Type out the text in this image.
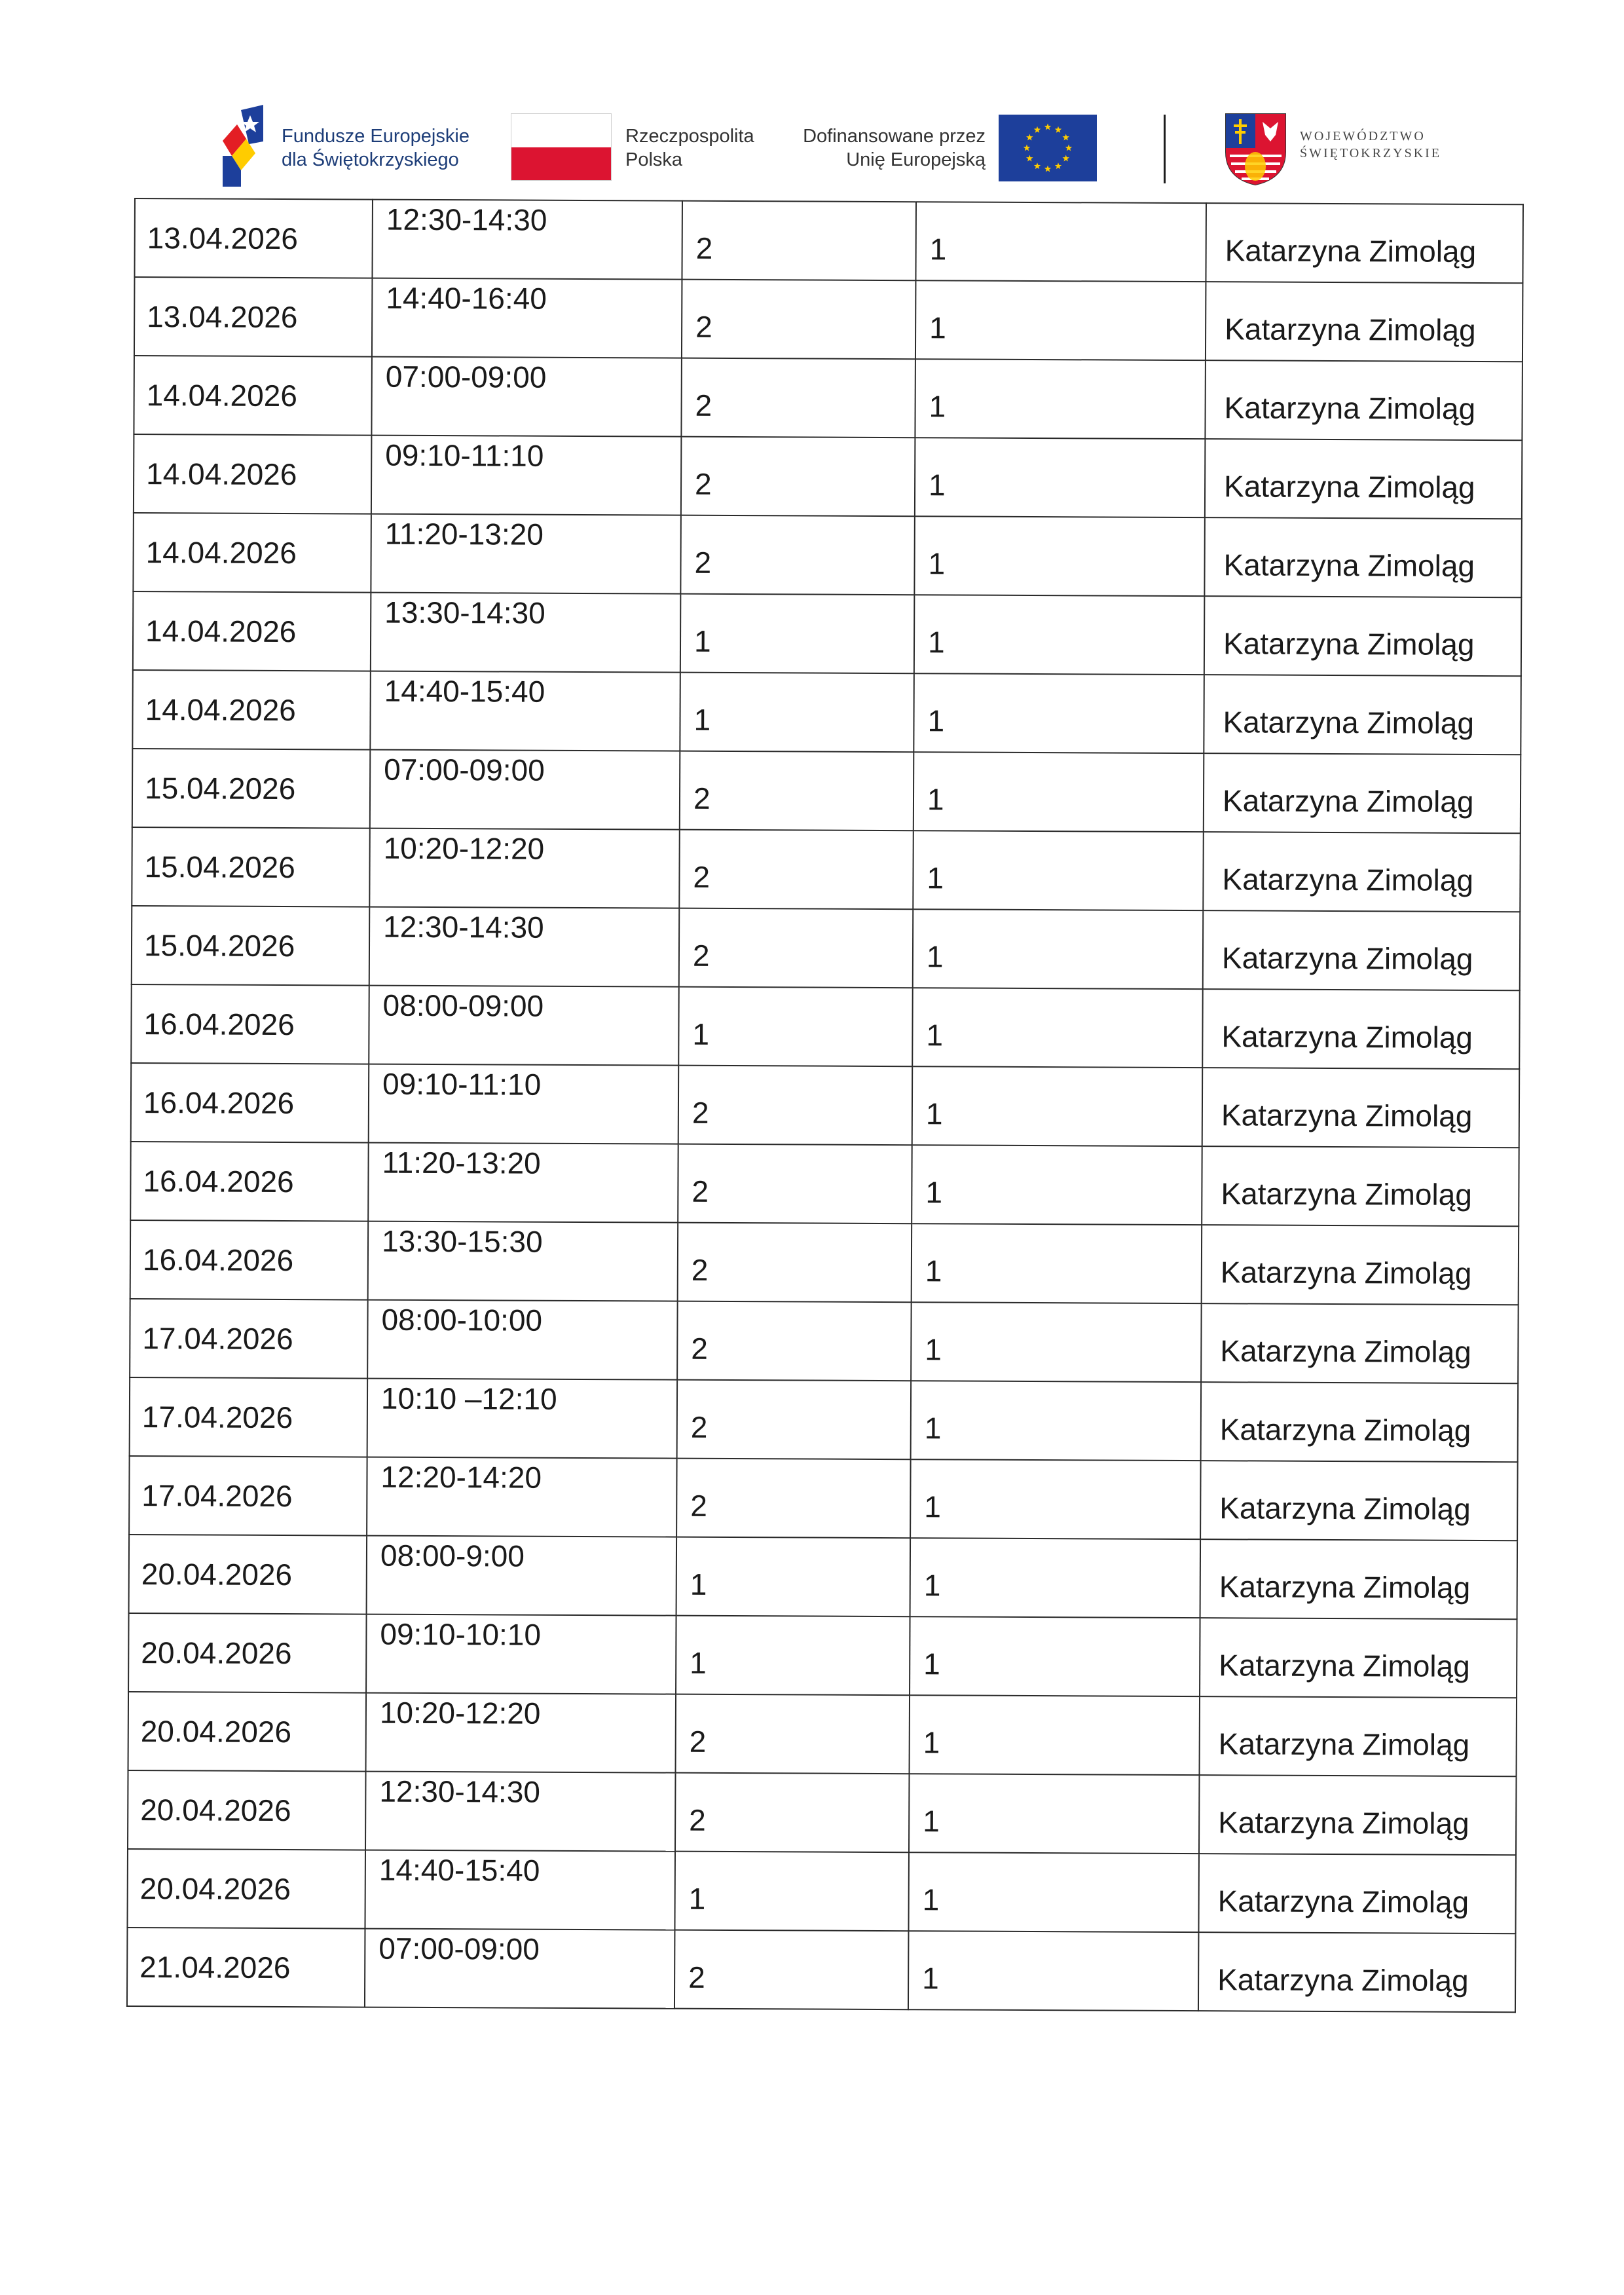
Fundusze Europejskie
dla Świętokrzyskiego
Rzeczpospolita
Polska
Dofinansowane przez
Unię Europejską
WOJEWÓDZTWO
ŚWIĘTOKRZYSKIE
13.04.2026	12:30-14:30	2	1	Katarzyna Zimoląg

13.04.2026	14:40-16:40	2	1	Katarzyna Zimoląg

14.04.2026	07:00-09:00	2	1	Katarzyna Zimoląg

14.04.2026	09:10-11:10	2	1	Katarzyna Zimoląg

14.04.2026	11:20-13:20	2	1	Katarzyna Zimoląg

14.04.2026	13:30-14:30	1	1	Katarzyna Zimoląg

14.04.2026	14:40-15:40	1	1	Katarzyna Zimoląg

15.04.2026	07:00-09:00	2	1	Katarzyna Zimoląg

15.04.2026	10:20-12:20	2	1	Katarzyna Zimoląg

15.04.2026	12:30-14:30	2	1	Katarzyna Zimoląg

16.04.2026	08:00-09:00	1	1	Katarzyna Zimoląg

16.04.2026	09:10-11:10	2	1	Katarzyna Zimoląg

16.04.2026	11:20-13:20	2	1	Katarzyna Zimoląg

16.04.2026	13:30-15:30	2	1	Katarzyna Zimoląg

17.04.2026	08:00-10:00	2	1	Katarzyna Zimoląg

17.04.2026	10:10 –12:10	2	1	Katarzyna Zimoląg

17.04.2026	12:20-14:20	2	1	Katarzyna Zimoląg

20.04.2026	08:00-9:00	1	1	Katarzyna Zimoląg

20.04.2026	09:10-10:10	1	1	Katarzyna Zimoląg

20.04.2026	10:20-12:20	2	1	Katarzyna Zimoląg

20.04.2026	12:30-14:30	2	1	Katarzyna Zimoląg

20.04.2026	14:40-15:40	1	1	Katarzyna Zimoląg

21.04.2026	07:00-09:00	2	1	Katarzyna Zimoląg
